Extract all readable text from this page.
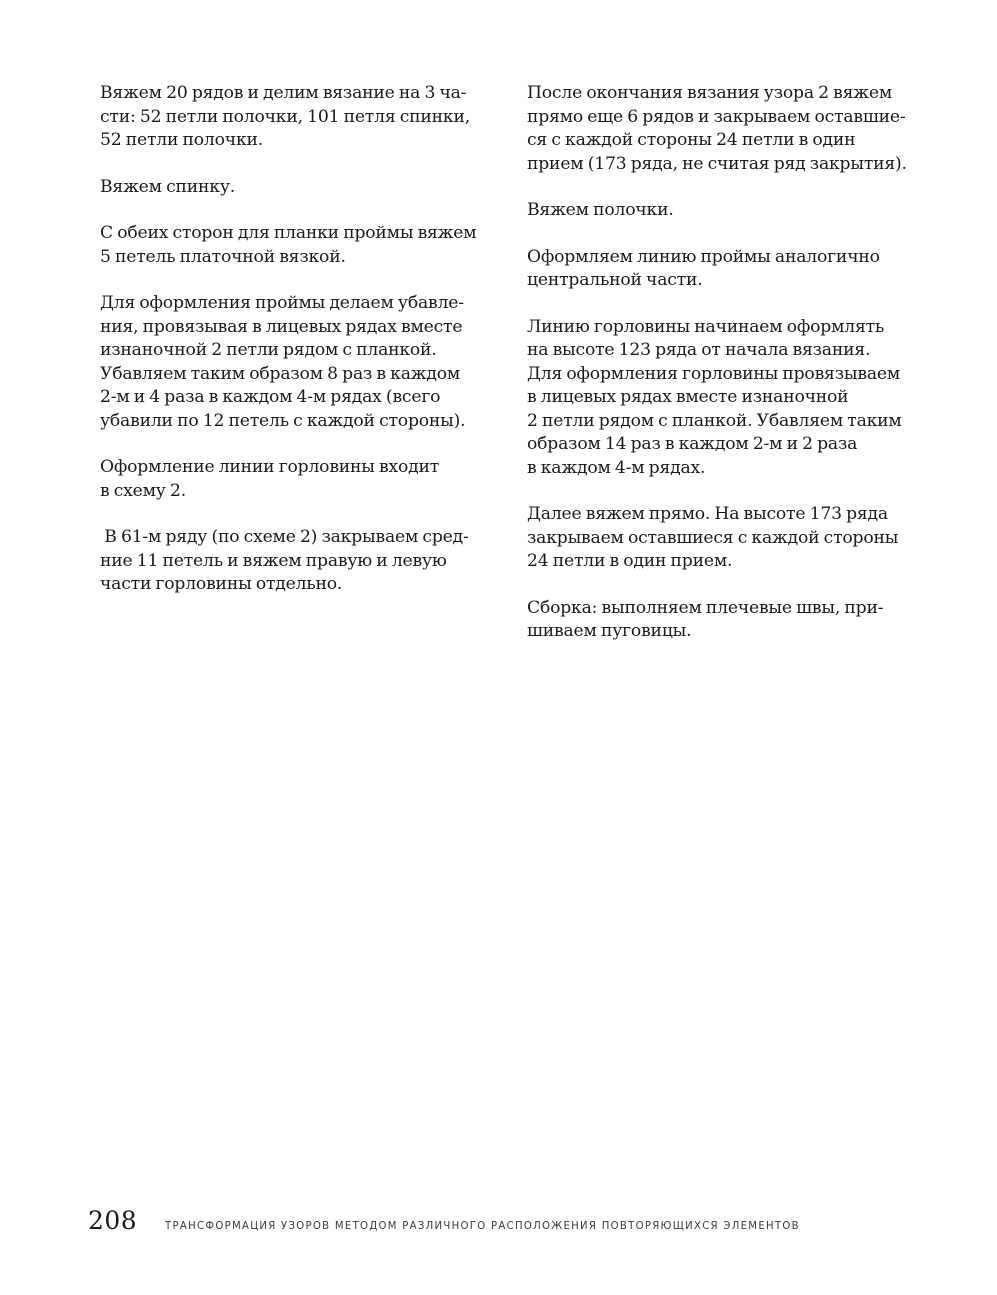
Вяжем 20 рядов и делим вязание на 3 ча-
сти: 52 петли полочки, 101 петля спинки,
52 петли полочки.

Вяжем спинку.

С обеих сторон для планки проймы вяжем
5 петель платочной вязкой.

Для оформления проймы делаем убавле-
ния, провязывая в лицевых рядах вместе
изнаночной 2 петли рядом с планкой.
Убавляем таким образом 8 раз в каждом
2-м и 4 раза в каждом 4-м рядах (всего
убавили по 12 петель с каждой стороны).

Оформление линии горловины входит
в схему 2.

В 61-м ряду (по схеме 2) закрываем сред-
ние 11 петель и вяжем правую и левую
части горловины отдельно.

После окончания вязания узора 2 вяжем
прямо еще 6 рядов и закрываем оставшие-
ся с каждой стороны 24 петли в один
прием (173 ряда, не считая ряд закрытия).

Вяжем полочки.

Оформляем линию проймы аналогично
центральной части.

Линию горловины начинаем оформлять
на высоте 123 ряда от начала вязания.
Для оформления горловины провязываем
в лицевых рядах вместе изнаночной
2 петли рядом с планкой. Убавляем таким
образом 14 раз в каждом 2-м и 2 раза
в каждом 4-м рядах.

Далее вяжем прямо. На высоте 173 ряда
закрываем оставшиеся с каждой стороны
24 петли в один прием.

Сборка: выполняем плечевые швы, при-
шиваем пуговицы.

208	ТРАНСФОРМАЦИЯ УЗОРОВ МЕТОДОМ РАЗЛИЧНОГО РАСПОЛОЖЕНИЯ ПОВТОРЯЮЩИХСЯ ЭЛЕМЕНТОВ
